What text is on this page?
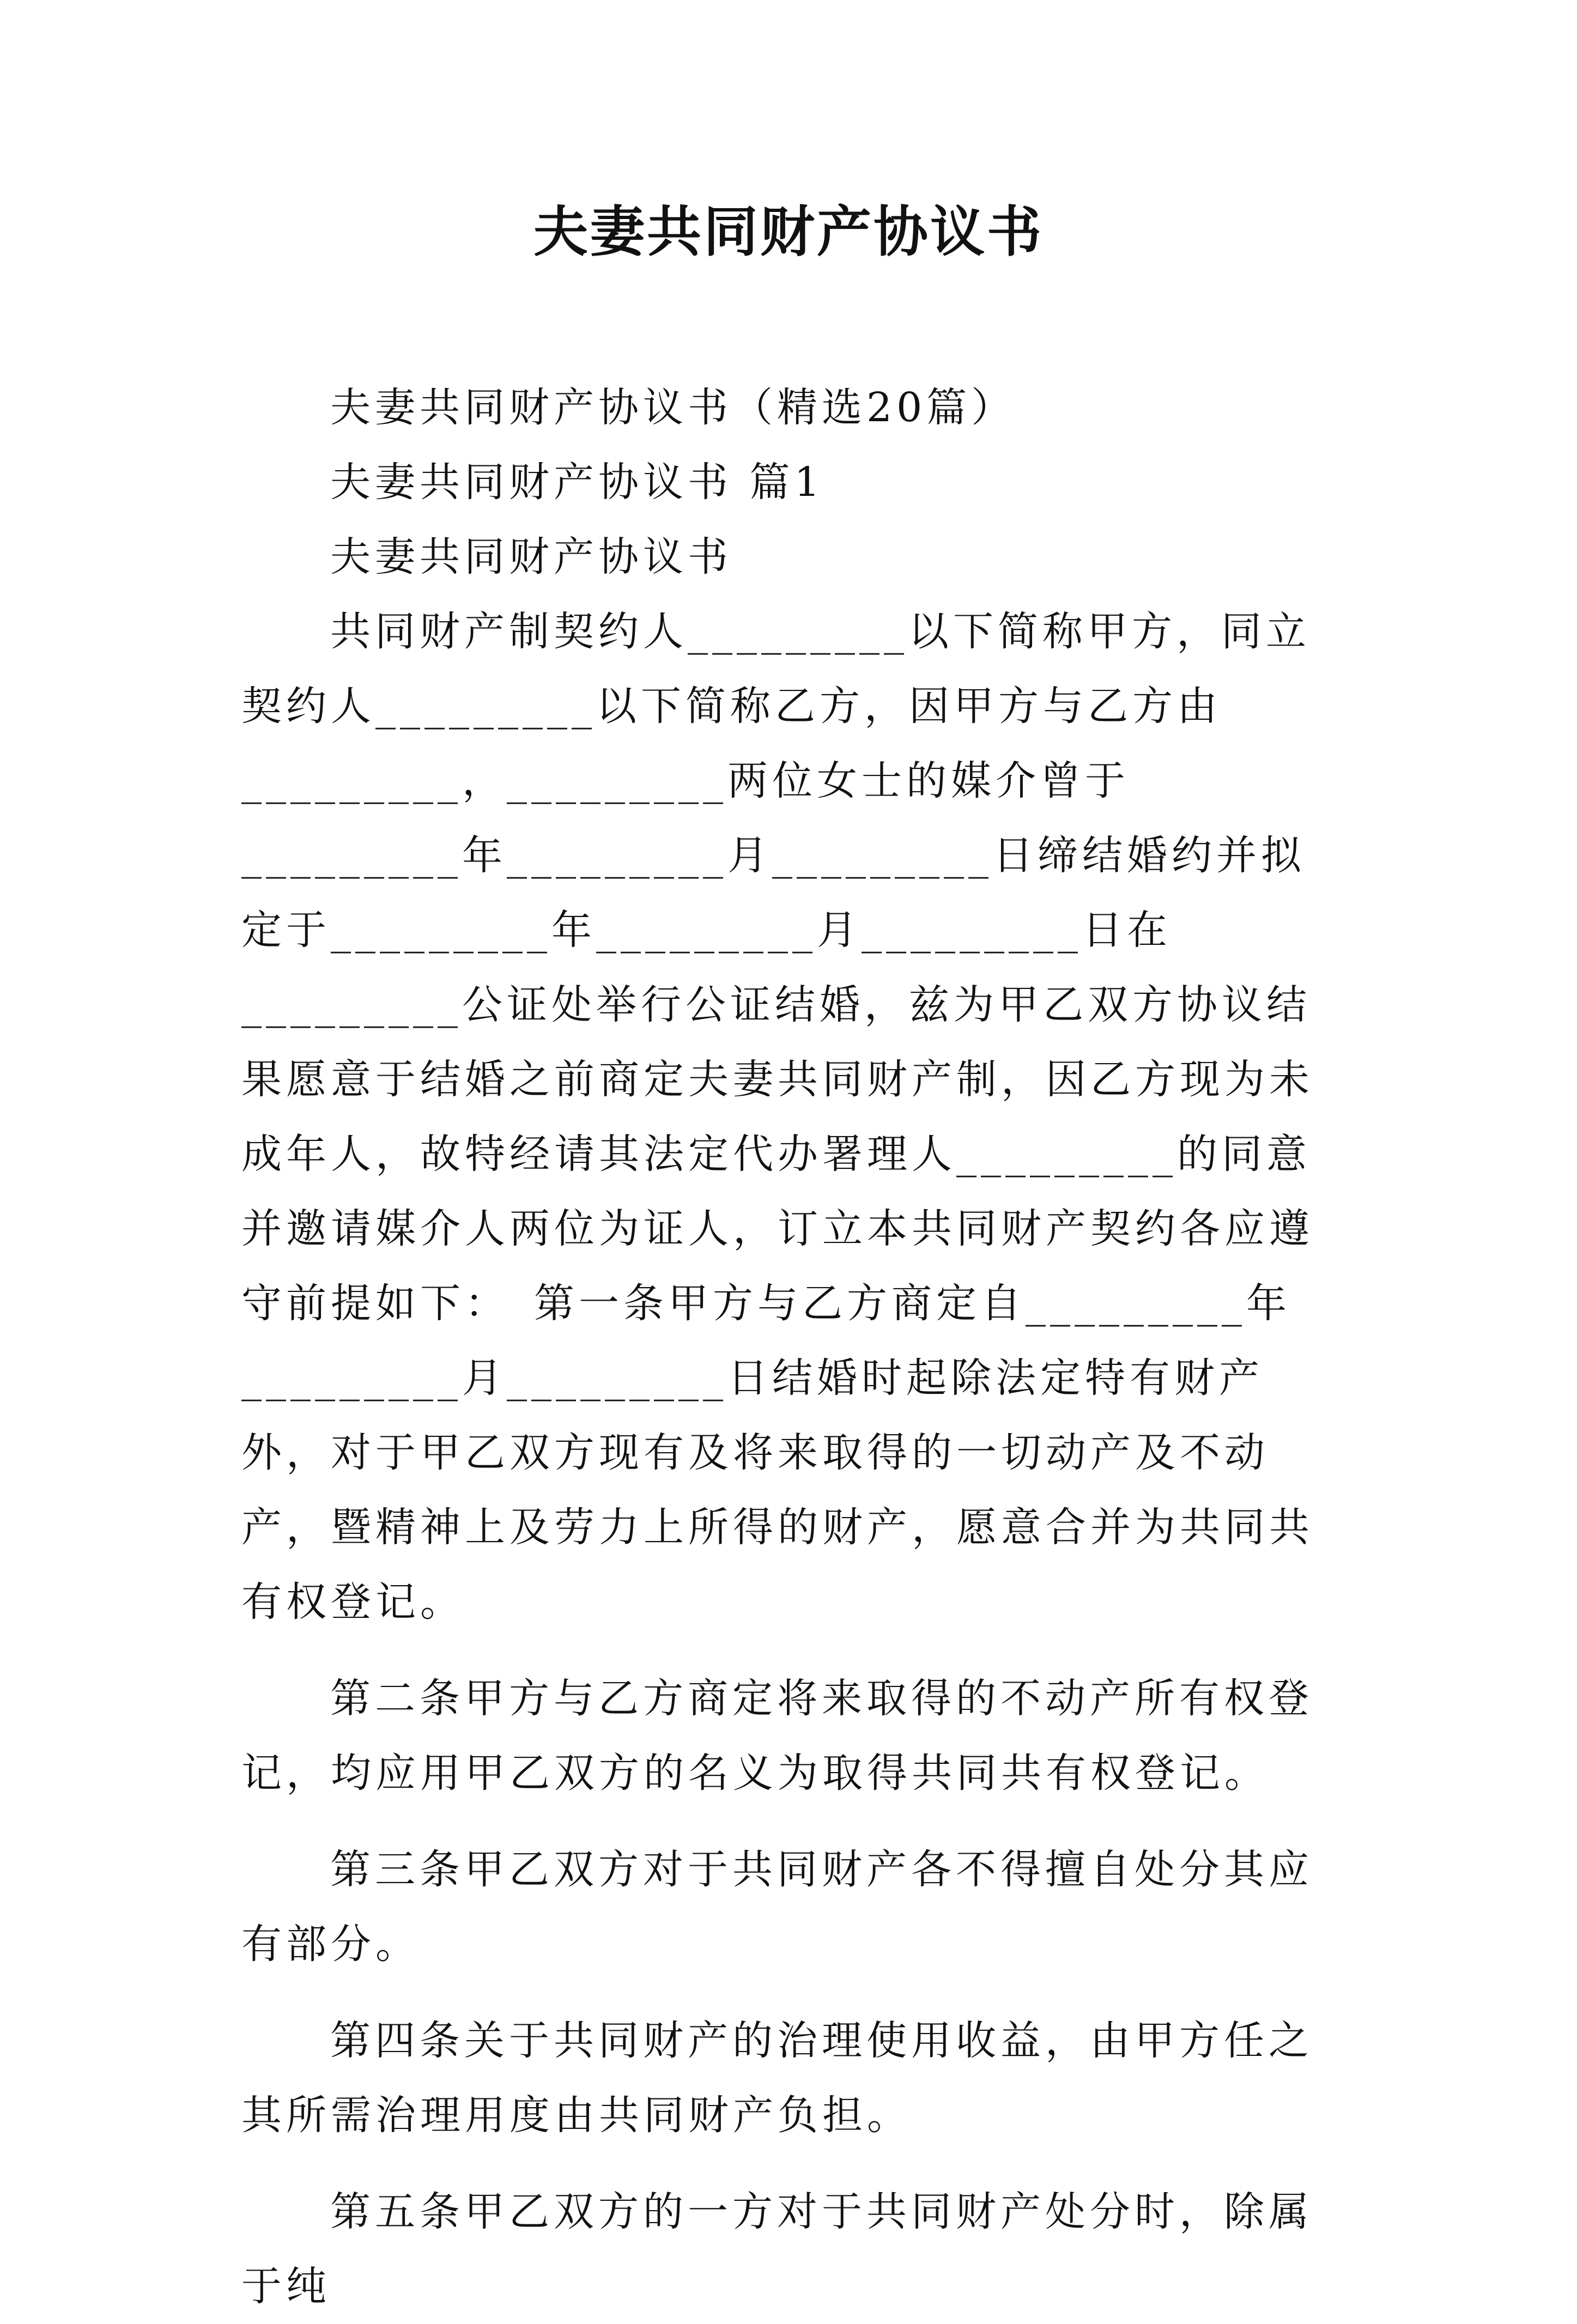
夫妻共同财产协议书

夫妻共同财产协议书（精选20篇）

夫妻共同财产协议书 篇1

夫妻共同财产协议书

共同财产制契约人_________以下简称甲方，同立契约人_________以下简称乙方，因甲方与乙方由_________，_________两位女士的媒介曾于_________年_________月_________日缔结婚约并拟定于_________年_________月_________日在_________公证处举行公证结婚，兹为甲乙双方协议结果愿意于结婚之前商定夫妻共同财产制，因乙方现为未成年人，故特经请其法定代办署理人_________的同意并邀请媒介人两位为证人，订立本共同财产契约各应遵守前提如下：　第一条甲方与乙方商定自_________年_________月_________日结婚时起除法定特有财产外，对于甲乙双方现有及将来取得的一切动产及不动产，暨精神上及劳力上所得的财产，愿意合并为共同共有权登记。

第二条甲方与乙方商定将来取得的不动产所有权登记，均应用甲乙双方的名义为取得共同共有权登记。

第三条甲乙双方对于共同财产各不得擅自处分其应有部分。

第四条关于共同财产的治理使用收益，由甲方任之其所需治理用度由共同财产负担。

第五条甲乙双方的一方对于共同财产处分时，除属于纯
